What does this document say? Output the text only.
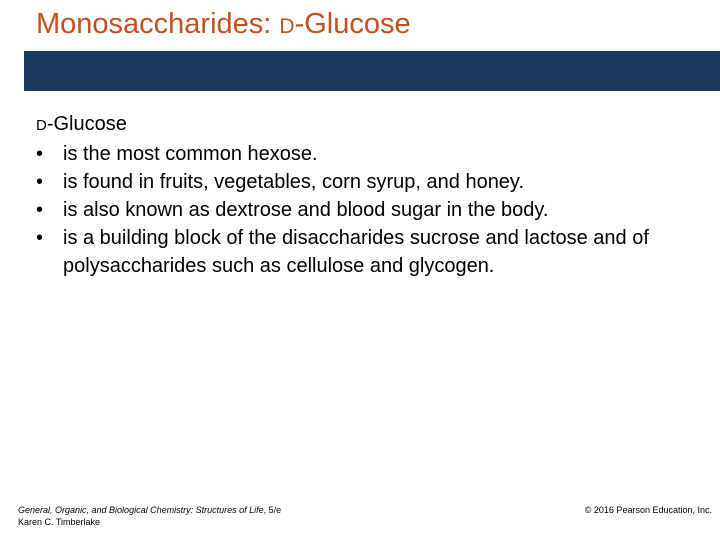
Monosaccharides: D-Glucose
D-Glucose
• is the most common hexose.
• is found in fruits, vegetables, corn syrup, and honey.
• is also known as dextrose and blood sugar in the body.
• is a building block of the disaccharides sucrose and lactose and of polysaccharides such as cellulose and glycogen.
General, Organic, and Biological Chemistry: Structures of Life, 5/e
Karen C. Timberlake
© 2016 Pearson Education, Inc.
